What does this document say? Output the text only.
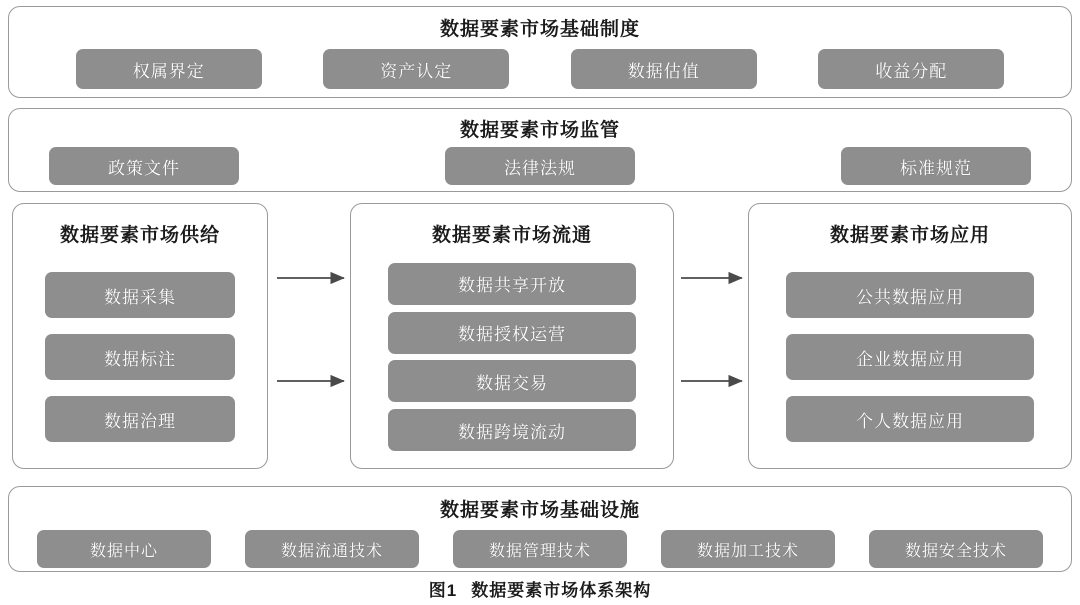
数据要素市场基础制度
权属界定	资产认定	数据估值	收益分配
数据要素市场监管
政策文件	法律法规	标准规范
数据要素市场供给
数据采集
数据标注
数据治理
数据要素市场流通
数据共享开放
数据授权运营
数据交易
数据跨境流动
数据要素市场应用
公共数据应用
企业数据应用
个人数据应用
数据要素市场基础设施
数据中心	数据流通技术	数据管理技术	数据加工技术	数据安全技术
图1 数据要素市场体系架构
